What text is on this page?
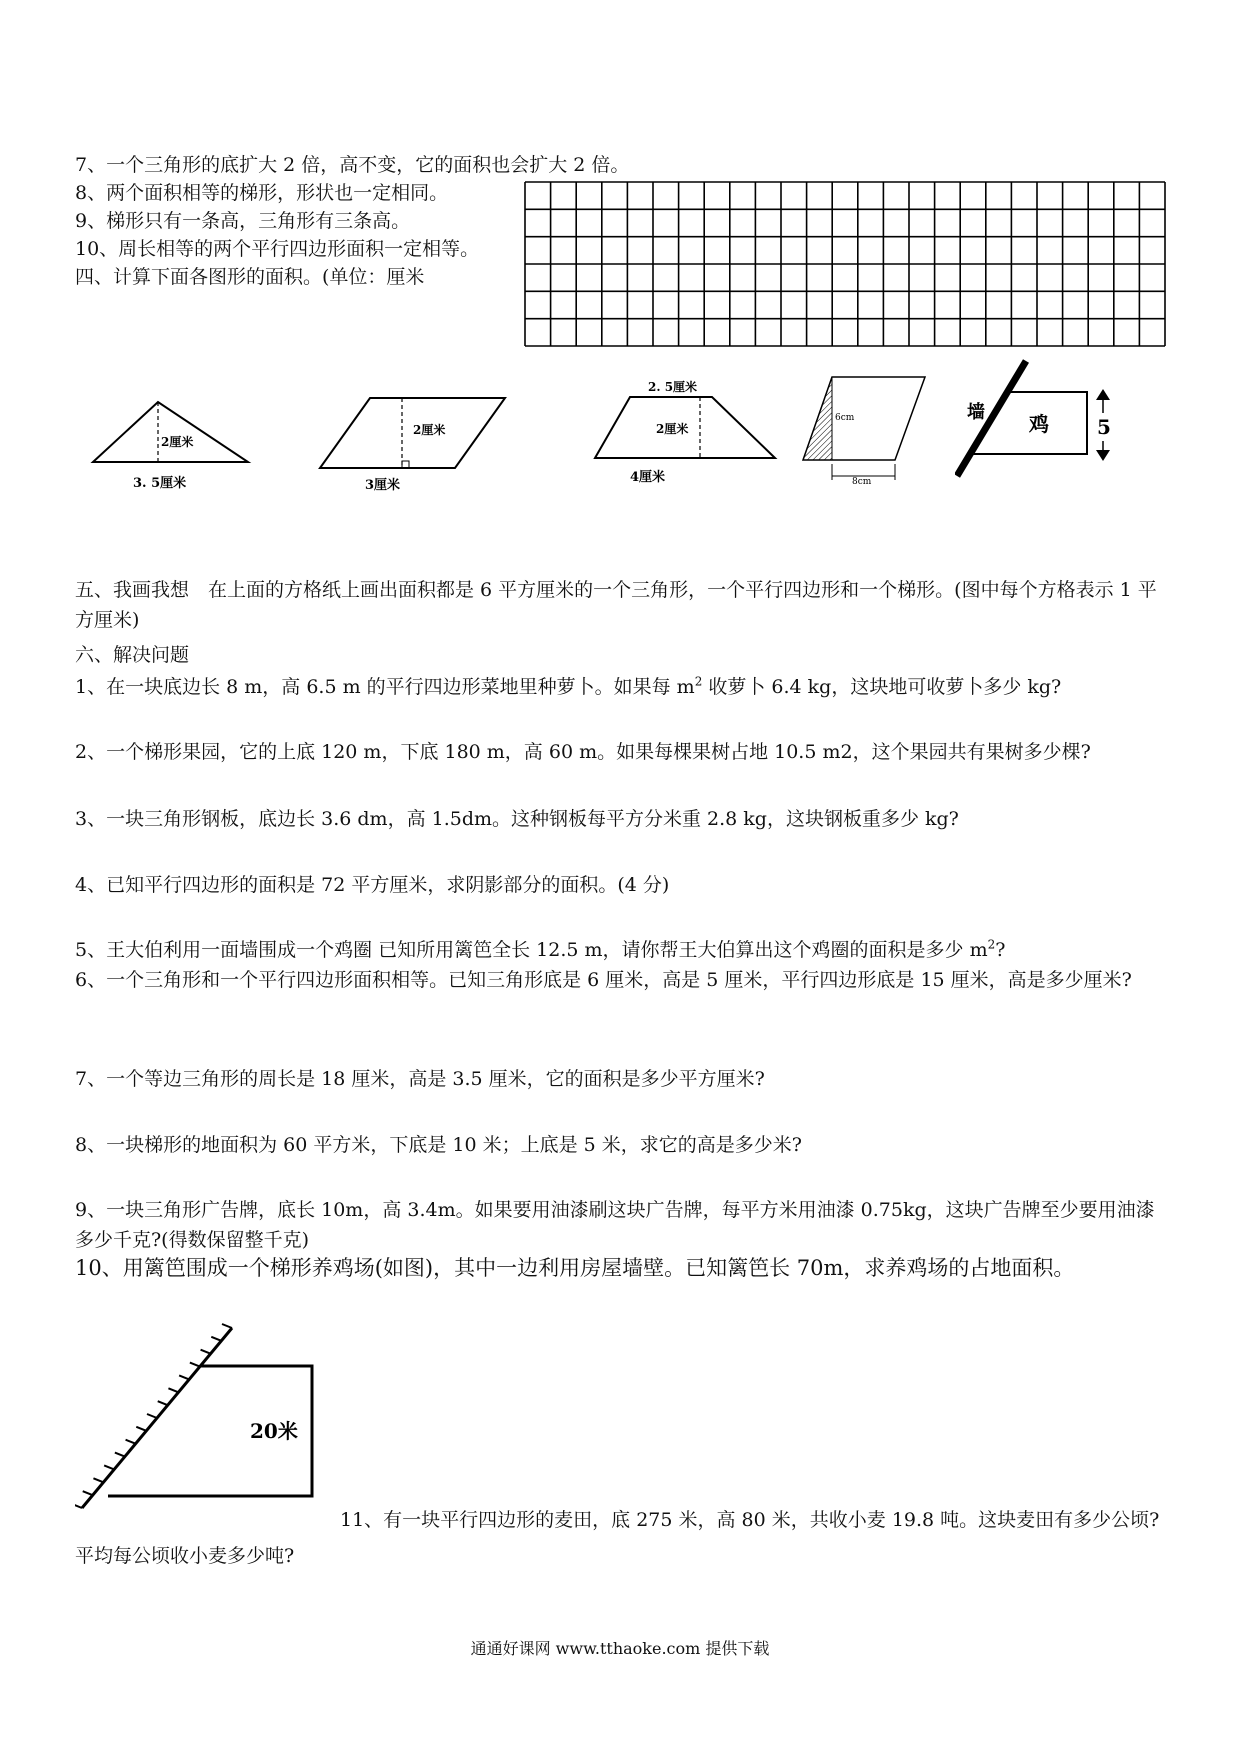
7、一个三角形的底扩大 2 倍，高不变，它的面积也会扩大 2 倍。
8、两个面积相等的梯形，形状也一定相同。
9、梯形只有一条高，三角形有三条高。
10、周长相等的两个平行四边形面积一定相等。
四、计算下面各图形的面积。(单位：厘米
2厘米
3. 5厘米
2厘米
3厘米
2. 5厘米
2厘米
4厘米
6cm
8cm
墙 鸡 5
五、我画我想　在上面的方格纸上画出面积都是 6 平方厘米的一个三角形，一个平行四边形和一个梯形。(图中每个方格表示 1 平方厘米)
六、解决问题
1、在一块底边长 8 m，高 6.5 m 的平行四边形菜地里种萝卜。如果每 $m^2$ 收萝卜 6.4 kg，这块地可收萝卜多少 kg?
2、一个梯形果园，它的上底 120 m，下底 180 m，高 60 m。如果每棵果树占地 10.5 m2，这个果园共有果树多少棵?
3、一块三角形钢板，底边长 3.6 dm，高 1.5dm。这种钢板每平方分米重 2.8 kg，这块钢板重多少 kg?
4、已知平行四边形的面积是 72 平方厘米，求阴影部分的面积。(4 分)
5、王大伯利用一面墙围成一个鸡圈 已知所用篱笆全长 12.5 m，请你帮王大伯算出这个鸡圈的面积是多少 $m^2$?
6、一个三角形和一个平行四边形面积相等。已知三角形底是 6 厘米，高是 5 厘米，平行四边形底是 15 厘米，高是多少厘米?
7、一个等边三角形的周长是 18 厘米，高是 3.5 厘米，它的面积是多少平方厘米?
8、一块梯形的地面积为 60 平方米，下底是 10 米；上底是 5 米，求它的高是多少米?
9、一块三角形广告牌，底长 10m，高 3.4m。如果要用油漆刷这块广告牌，每平方米用油漆 0.75kg，这块广告牌至少要用油漆多少千克?(得数保留整千克)
10、用篱笆围成一个梯形养鸡场(如图)，其中一边利用房屋墙壁。已知篱笆长 70m，求养鸡场的占地面积。
20米
11、有一块平行四边形的麦田，底 275 米，高 80 米，共收小麦 19.8 吨。这块麦田有多少公顷?平均每公顷收小麦多少吨?
通通好课网 www.tthaoke.com 提供下载
